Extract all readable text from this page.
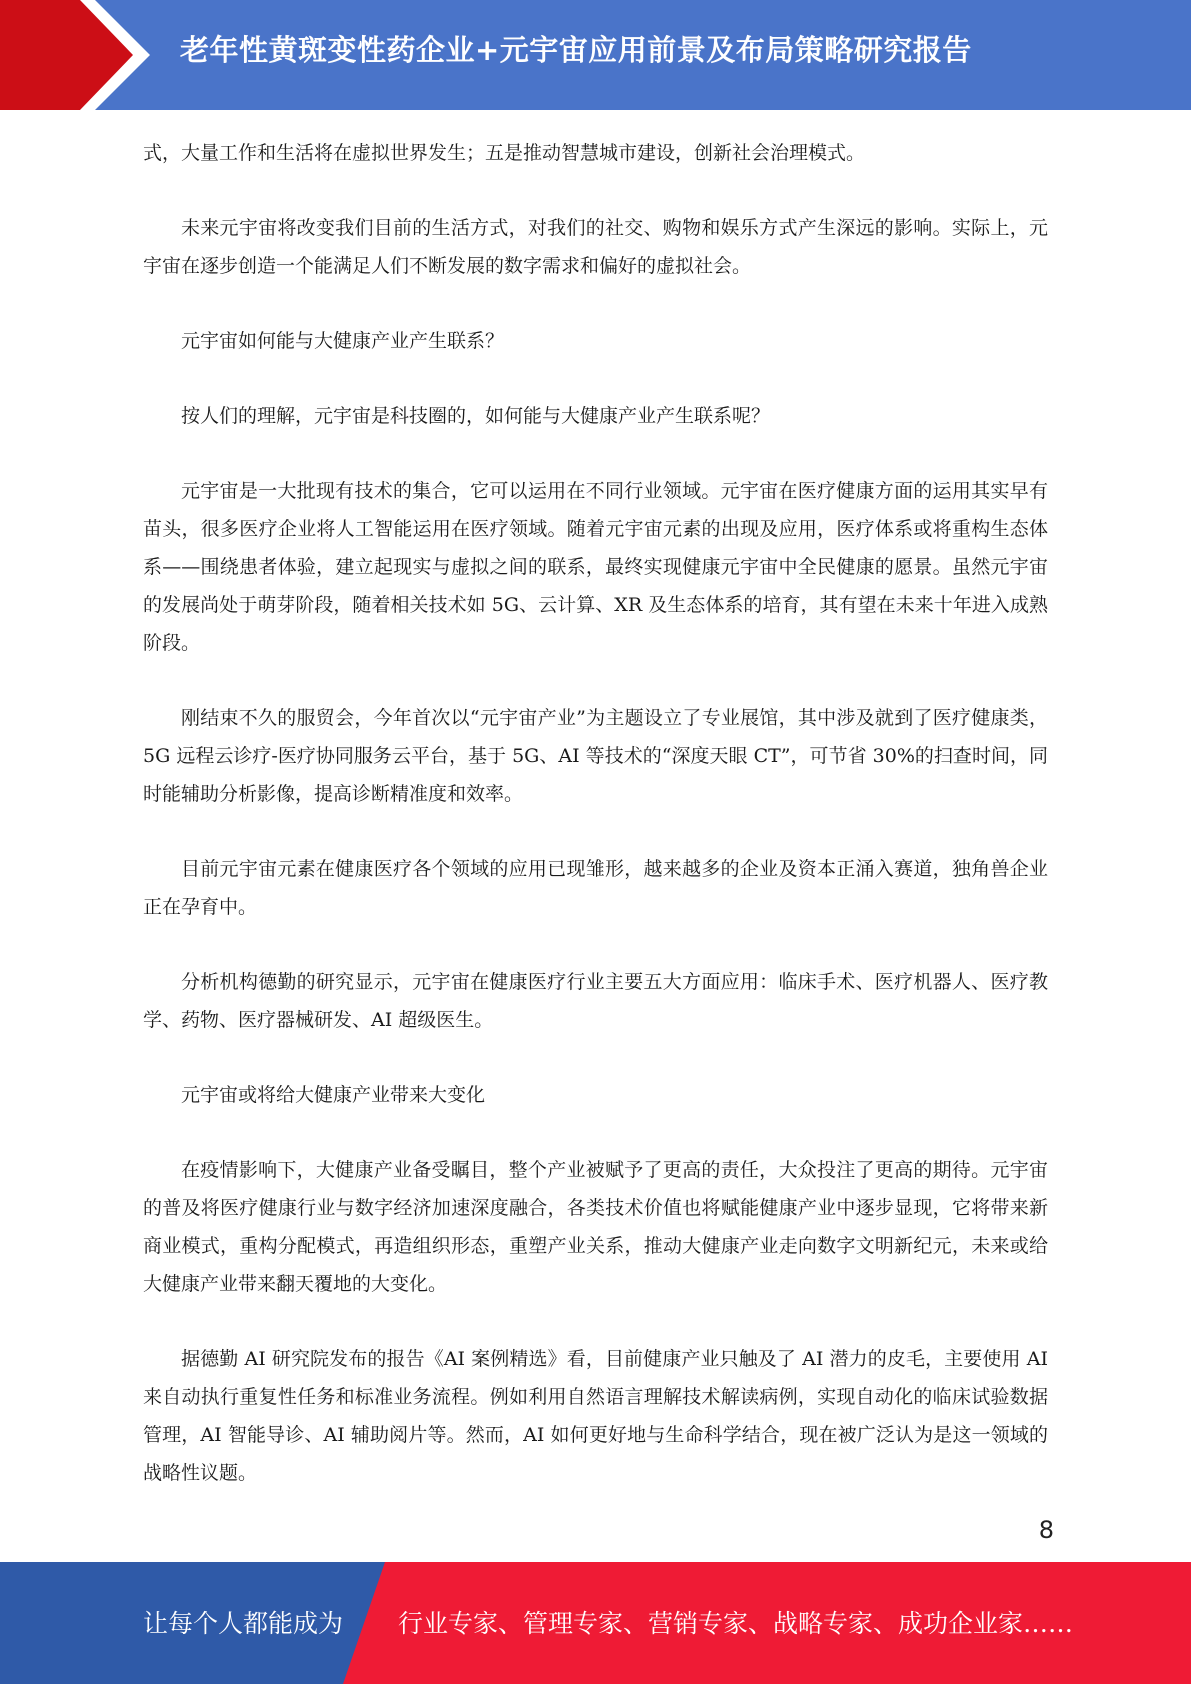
老年性黄斑变性药企业+元宇宙应用前景及布局策略研究报告

式，大量工作和生活将在虚拟世界发生；五是推动智慧城市建设，创新社会治理模式。

未来元宇宙将改变我们目前的生活方式，对我们的社交、购物和娱乐方式产生深远的影响。实际上，元宇宙在逐步创造一个能满足人们不断发展的数字需求和偏好的虚拟社会。

元宇宙如何能与大健康产业产生联系？

按人们的理解，元宇宙是科技圈的，如何能与大健康产业产生联系呢？

元宇宙是一大批现有技术的集合，它可以运用在不同行业领域。元宇宙在医疗健康方面的运用其实早有苗头，很多医疗企业将人工智能运用在医疗领域。随着元宇宙元素的出现及应用，医疗体系或将重构生态体系——围绕患者体验，建立起现实与虚拟之间的联系，最终实现健康元宇宙中全民健康的愿景。虽然元宇宙的发展尚处于萌芽阶段，随着相关技术如 5G、云计算、XR 及生态体系的培育，其有望在未来十年进入成熟阶段。

刚结束不久的服贸会，今年首次以“元宇宙产业”为主题设立了专业展馆，其中涉及就到了医疗健康类，5G 远程云诊疗-医疗协同服务云平台，基于 5G、AI 等技术的“深度天眼 CT”，可节省 30%的扫查时间，同时能辅助分析影像，提高诊断精准度和效率。

目前元宇宙元素在健康医疗各个领域的应用已现雏形，越来越多的企业及资本正涌入赛道，独角兽企业正在孕育中。

分析机构德勤的研究显示，元宇宙在健康医疗行业主要五大方面应用：临床手术、医疗机器人、医疗教学、药物、医疗器械研发、AI 超级医生。

元宇宙或将给大健康产业带来大变化

在疫情影响下，大健康产业备受瞩目，整个产业被赋予了更高的责任，大众投注了更高的期待。元宇宙的普及将医疗健康行业与数字经济加速深度融合，各类技术价值也将赋能健康产业中逐步显现，它将带来新商业模式，重构分配模式，再造组织形态，重塑产业关系，推动大健康产业走向数字文明新纪元，未来或给大健康产业带来翻天覆地的大变化。

据德勤 AI 研究院发布的报告《AI 案例精选》看，目前健康产业只触及了 AI 潜力的皮毛，主要使用 AI 来自动执行重复性任务和标准业务流程。例如利用自然语言理解技术解读病例，实现自动化的临床试验数据管理，AI 智能导诊、AI 辅助阅片等。然而，AI 如何更好地与生命科学结合，现在被广泛认为是这一领域的战略性议题。

8
让每个人都能成为 行业专家、管理专家、营销专家、战略专家、成功企业家……
